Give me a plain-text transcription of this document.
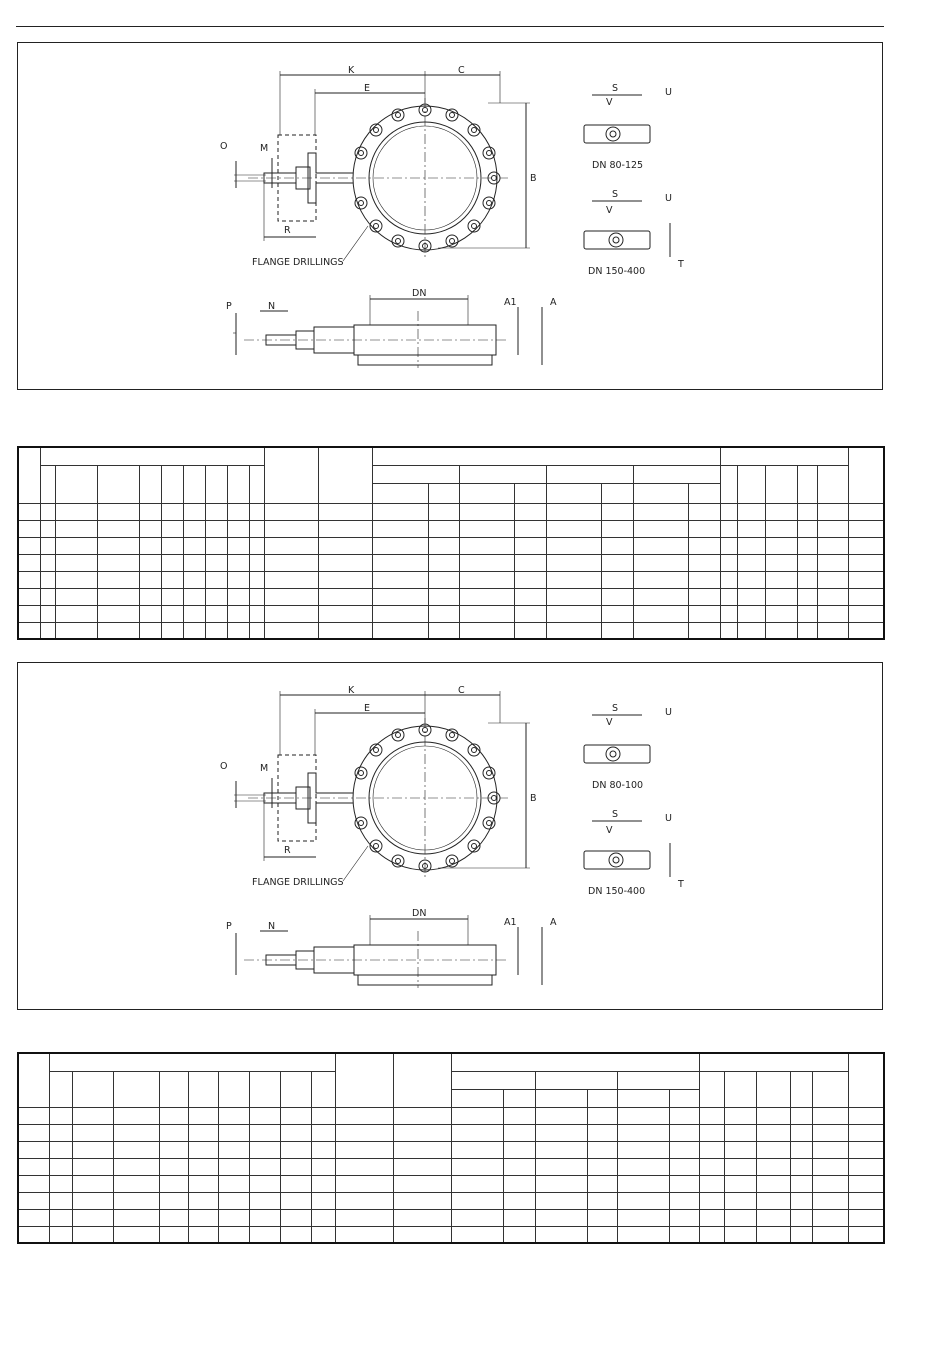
K	C
E
B
O	M
R
FLANGE DRILLINGS
P	N
DN
A1	A
S
V
U
DN 80-125
S
V
U
T
DN 150-400

K	C
E
B
O	M
R
FLANGE DRILLINGS
P	N
DN
A1	A
S
V
U
DN 80-100
S
V
U
T
DN 150-400
